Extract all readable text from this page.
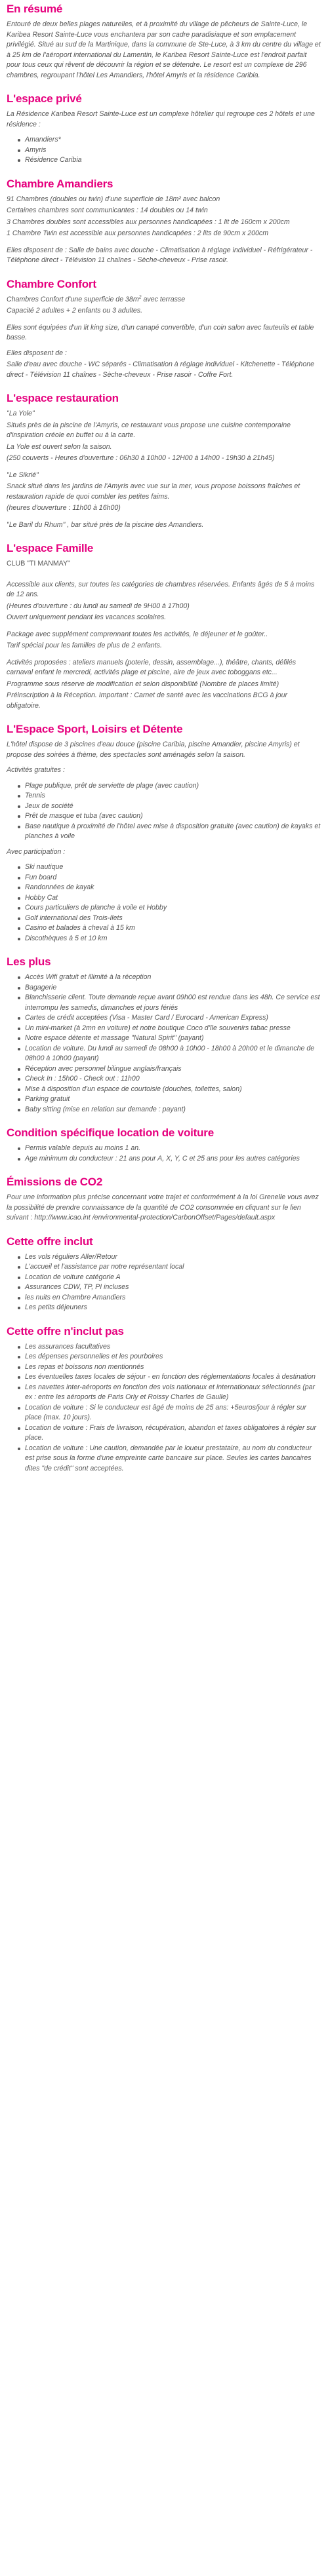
En résumé

Entouré de deux belles plages naturelles, et à proximité du village de pêcheurs de Sainte-Luce, le Karibea Resort Sainte-Luce vous enchantera par son cadre paradisiaque et son emplacement privilégié. Situé au sud de la Martinique, dans la commune de Ste-Luce, à 3 km du centre du village et à 25 km de l'aéroport international du Lamentin, le Karibea Resort Sainte-Luce est l'endroit parfait pour tous ceux qui rêvent de découvrir la région et se détendre. Le resort est un complexe de 296 chambres, regroupant l'hôtel Les Amandiers, l'hôtel Amyris et la résidence Caribia.

L'espace privé

La Résidence Karibea Resort Sainte-Luce est un complexe hôtelier qui regroupe ces 2 hôtels et une résidence :

Amandiers*
Amyris
Résidence Caribia
Chambre Amandiers

91 Chambres (doubles ou twin) d'une superficie de 18m² avec balcon

Certaines chambres sont communicantes : 14 doubles ou 14 twin

3 Chambres doubles sont accessibles aux personnes handicapées : 1 lit de 160cm x 200cm

1 Chambre Twin est accessible aux personnes handicapées : 2 lits de 90cm x 200cm

Elles disposent de : Salle de bains avec douche - Climatisation à réglage individuel - Réfrigérateur - Téléphone direct - Télévision 11 chaînes - Sèche-cheveux - Prise rasoir.

Chambre Confort

Chambres Confort d'une superficie de $38m^2$ avec terrasse

Capacité 2 adultes + 2 enfants ou 3 adultes.

Elles sont équipées d'un lit king size, d'un canapé convertible, d'un coin salon avec fauteuils et table basse.

Elles disposent de :

Salle d'eau avec douche - WC séparés - Climatisation à réglage individuel - Kitchenette - Téléphone direct - Télévision 11 chaînes - Sèche-cheveux - Prise rasoir - Coffre Fort.

L'espace restauration

"La Yole"

Situés près de la piscine de l'Amyris, ce restaurant vous propose une cuisine contemporaine d'inspiration créole en buffet ou à la carte.

La Yole est ouvert selon la saison.

(250 couverts - Heures d'ouverture : 06h30 à 10h00 - 12H00 à 14h00 - 19h30 à 21h45)

"Le Sikrié"

Snack situé dans les jardins de l'Amyris avec vue sur la mer, vous propose boissons fraîches et restauration rapide de quoi combler les petites faims.

(heures d'ouverture : 11h00 à 16h00)

"Le Baril du Rhum" , bar situé près de la piscine des Amandiers.

L'espace Famille

CLUB "TI MANMAY"

Accessible aux clients, sur toutes les catégories de chambres réservées. Enfants âgés de 5 à moins de 12 ans.

(Heures d'ouverture : du lundi au samedi de 9H00 à 17h00)

Ouvert uniquement pendant les vacances scolaires.

Package avec supplément comprennant toutes les activités, le déjeuner et le goûter..

Tarif spécial pour les familles de plus de 2 enfants.

Activités proposées : ateliers manuels (poterie, dessin, assemblage...), théâtre, chants, défilés carnaval enfant le mercredi, activités plage et piscine, aire de jeux avec toboggans etc...

Programme sous réserve de modification et selon disponibilité (Nombre de places limité)

Préinscription à la Réception. Important : Carnet de santé avec les vaccinations BCG à jour obligatoire.

L'Espace Sport, Loisirs et Détente

L'hôtel dispose de 3 piscines d'eau douce (piscine Caribia, piscine Amandier, piscine Amyris) et propose des soirées à thème, des spectacles sont aménagés selon la saison.

Activités gratuites :

Plage publique, prêt de serviette de plage (avec caution)
Tennis
Jeux de société
Prêt de masque et tuba (avec caution)
Base nautique à proximité de l'hôtel avec mise à disposition gratuite (avec caution) de kayaks et planches à voile

Avec participation :

Ski nautique
Fun board
Randonnées de kayak
Hobby Cat
Cours particuliers de planche à voile et Hobby
Golf international des Trois-Ilets
Casino et balades à cheval à 15 km
Discothèques à 5 et 10 km
Les plus
Accès Wifi gratuit et illimité à la réception
Bagagerie
Blanchisserie client. Toute demande reçue avant 09h00 est rendue dans les 48h. Ce service est interrompu les samedis, dimanches et jours fériés
Cartes de crédit acceptées (Visa - Master Card / Eurocard - American Express)
Un mini-market (à 2mn en voiture) et notre boutique Coco d'île souvenirs tabac presse
Notre espace détente et massage "Natural Spirit" (payant)
Location de voiture. Du lundi au samedi de 08h00 à 10h00 - 18h00 à 20h00 et le dimanche de 08h00 à 10h00 (payant)
Réception avec personnel bilingue anglais/français
Check In : 15h00 - Check out : 11h00
Mise à disposition d'un espace de courtoisie (douches, toilettes, salon)
Parking gratuit
Baby sitting (mise en relation sur demande : payant)
Condition spécifique location de voiture
Permis valable depuis au moins 1 an.
Age minimum du conducteur : 21 ans pour A, X, Y, C et 25 ans pour les autres catégories
Émissions de CO2

Pour une information plus précise concernant votre trajet et conformément à la loi Grenelle vous avez la possibilité de prendre connaissance de la quantité de CO2 consommée en cliquant sur le lien suivant : http://www.icao.int /environmental-protection/CarbonOffset/Pages/default.aspx

Cette offre inclut
Les vols réguliers Aller/Retour
L'accueil et l'assistance par notre représentant local
Location de voiture catégorie A
Assurances CDW, TP, PI incluses
les nuits en Chambre Amandiers
Les petits déjeuners
Cette offre n'inclut pas
Les assurances facultatives
Les dépenses personnelles et les pourboires
Les repas et boissons non mentionnés
Les éventuelles taxes locales de séjour - en fonction des réglementations locales à destination
Les navettes inter-aéroports en fonction des vols nationaux et internationaux sélectionnés (par ex : entre les aéroports de Paris Orly et Roissy Charles de Gaulle)
Location de voiture : Si le conducteur est âgé de moins de 25 ans: +5euros/jour à régler sur place (max. 10 jours).
Location de voiture : Frais de livraison, récupération, abandon et taxes obligatoires à régler sur place.
Location de voiture : Une caution, demandée par le loueur prestataire, au nom du conducteur est prise sous la forme d'une empreinte carte bancaire sur place. Seules les cartes bancaires dites "de crédit" sont acceptées.
